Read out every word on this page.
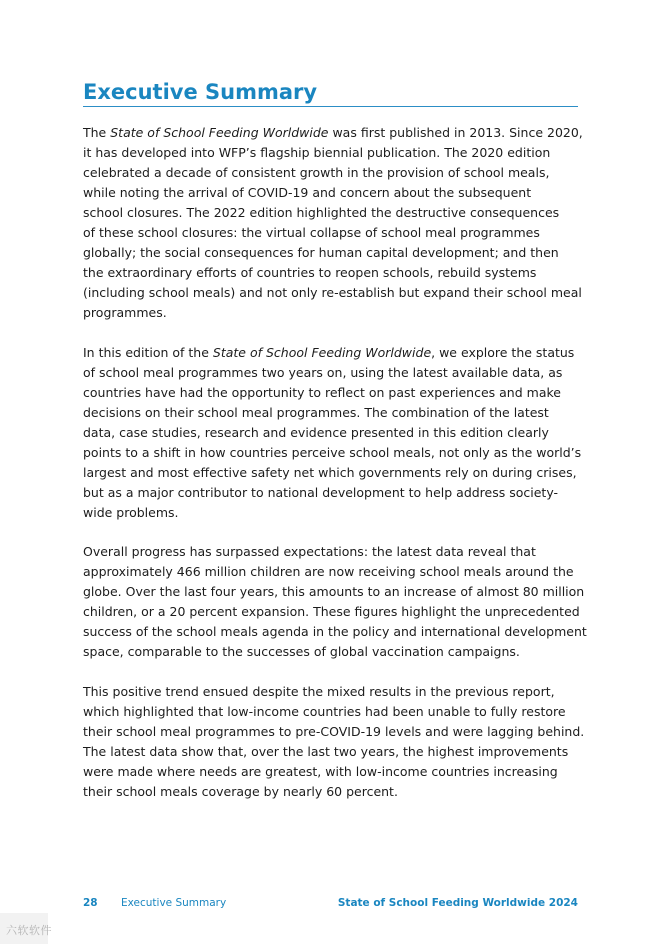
Executive Summary
The State of School Feeding Worldwide was first published in 2013. Since 2020,
it has developed into WFP’s flagship biennial publication. The 2020 edition
celebrated a decade of consistent growth in the provision of school meals,
while noting the arrival of COVID-19 and concern about the subsequent
school closures. The 2022 edition highlighted the destructive consequences
of these school closures: the virtual collapse of school meal programmes
globally; the social consequences for human capital development; and then
the extraordinary efforts of countries to reopen schools, rebuild systems
(including school meals) and not only re-establish but expand their school meal
programmes.
In this edition of the State of School Feeding Worldwide, we explore the status
of school meal programmes two years on, using the latest available data, as
countries have had the opportunity to reflect on past experiences and make
decisions on their school meal programmes. The combination of the latest
data, case studies, research and evidence presented in this edition clearly
points to a shift in how countries perceive school meals, not only as the world’s
largest and most effective safety net which governments rely on during crises,
but as a major contributor to national development to help address society-
wide problems.
Overall progress has surpassed expectations: the latest data reveal that
approximately 466 million children are now receiving school meals around the
globe. Over the last four years, this amounts to an increase of almost 80 million
children, or a 20 percent expansion. These figures highlight the unprecedented
success of the school meals agenda in the policy and international development
space, comparable to the successes of global vaccination campaigns.
This positive trend ensued despite the mixed results in the previous report,
which highlighted that low-income countries had been unable to fully restore
their school meal programmes to pre-COVID-19 levels and were lagging behind.
The latest data show that, over the last two years, the highest improvements
were made where needs are greatest, with low-income countries increasing
their school meals coverage by nearly 60 percent.
28 Executive Summary	State of School Feeding Worldwide 2024
六软软件
